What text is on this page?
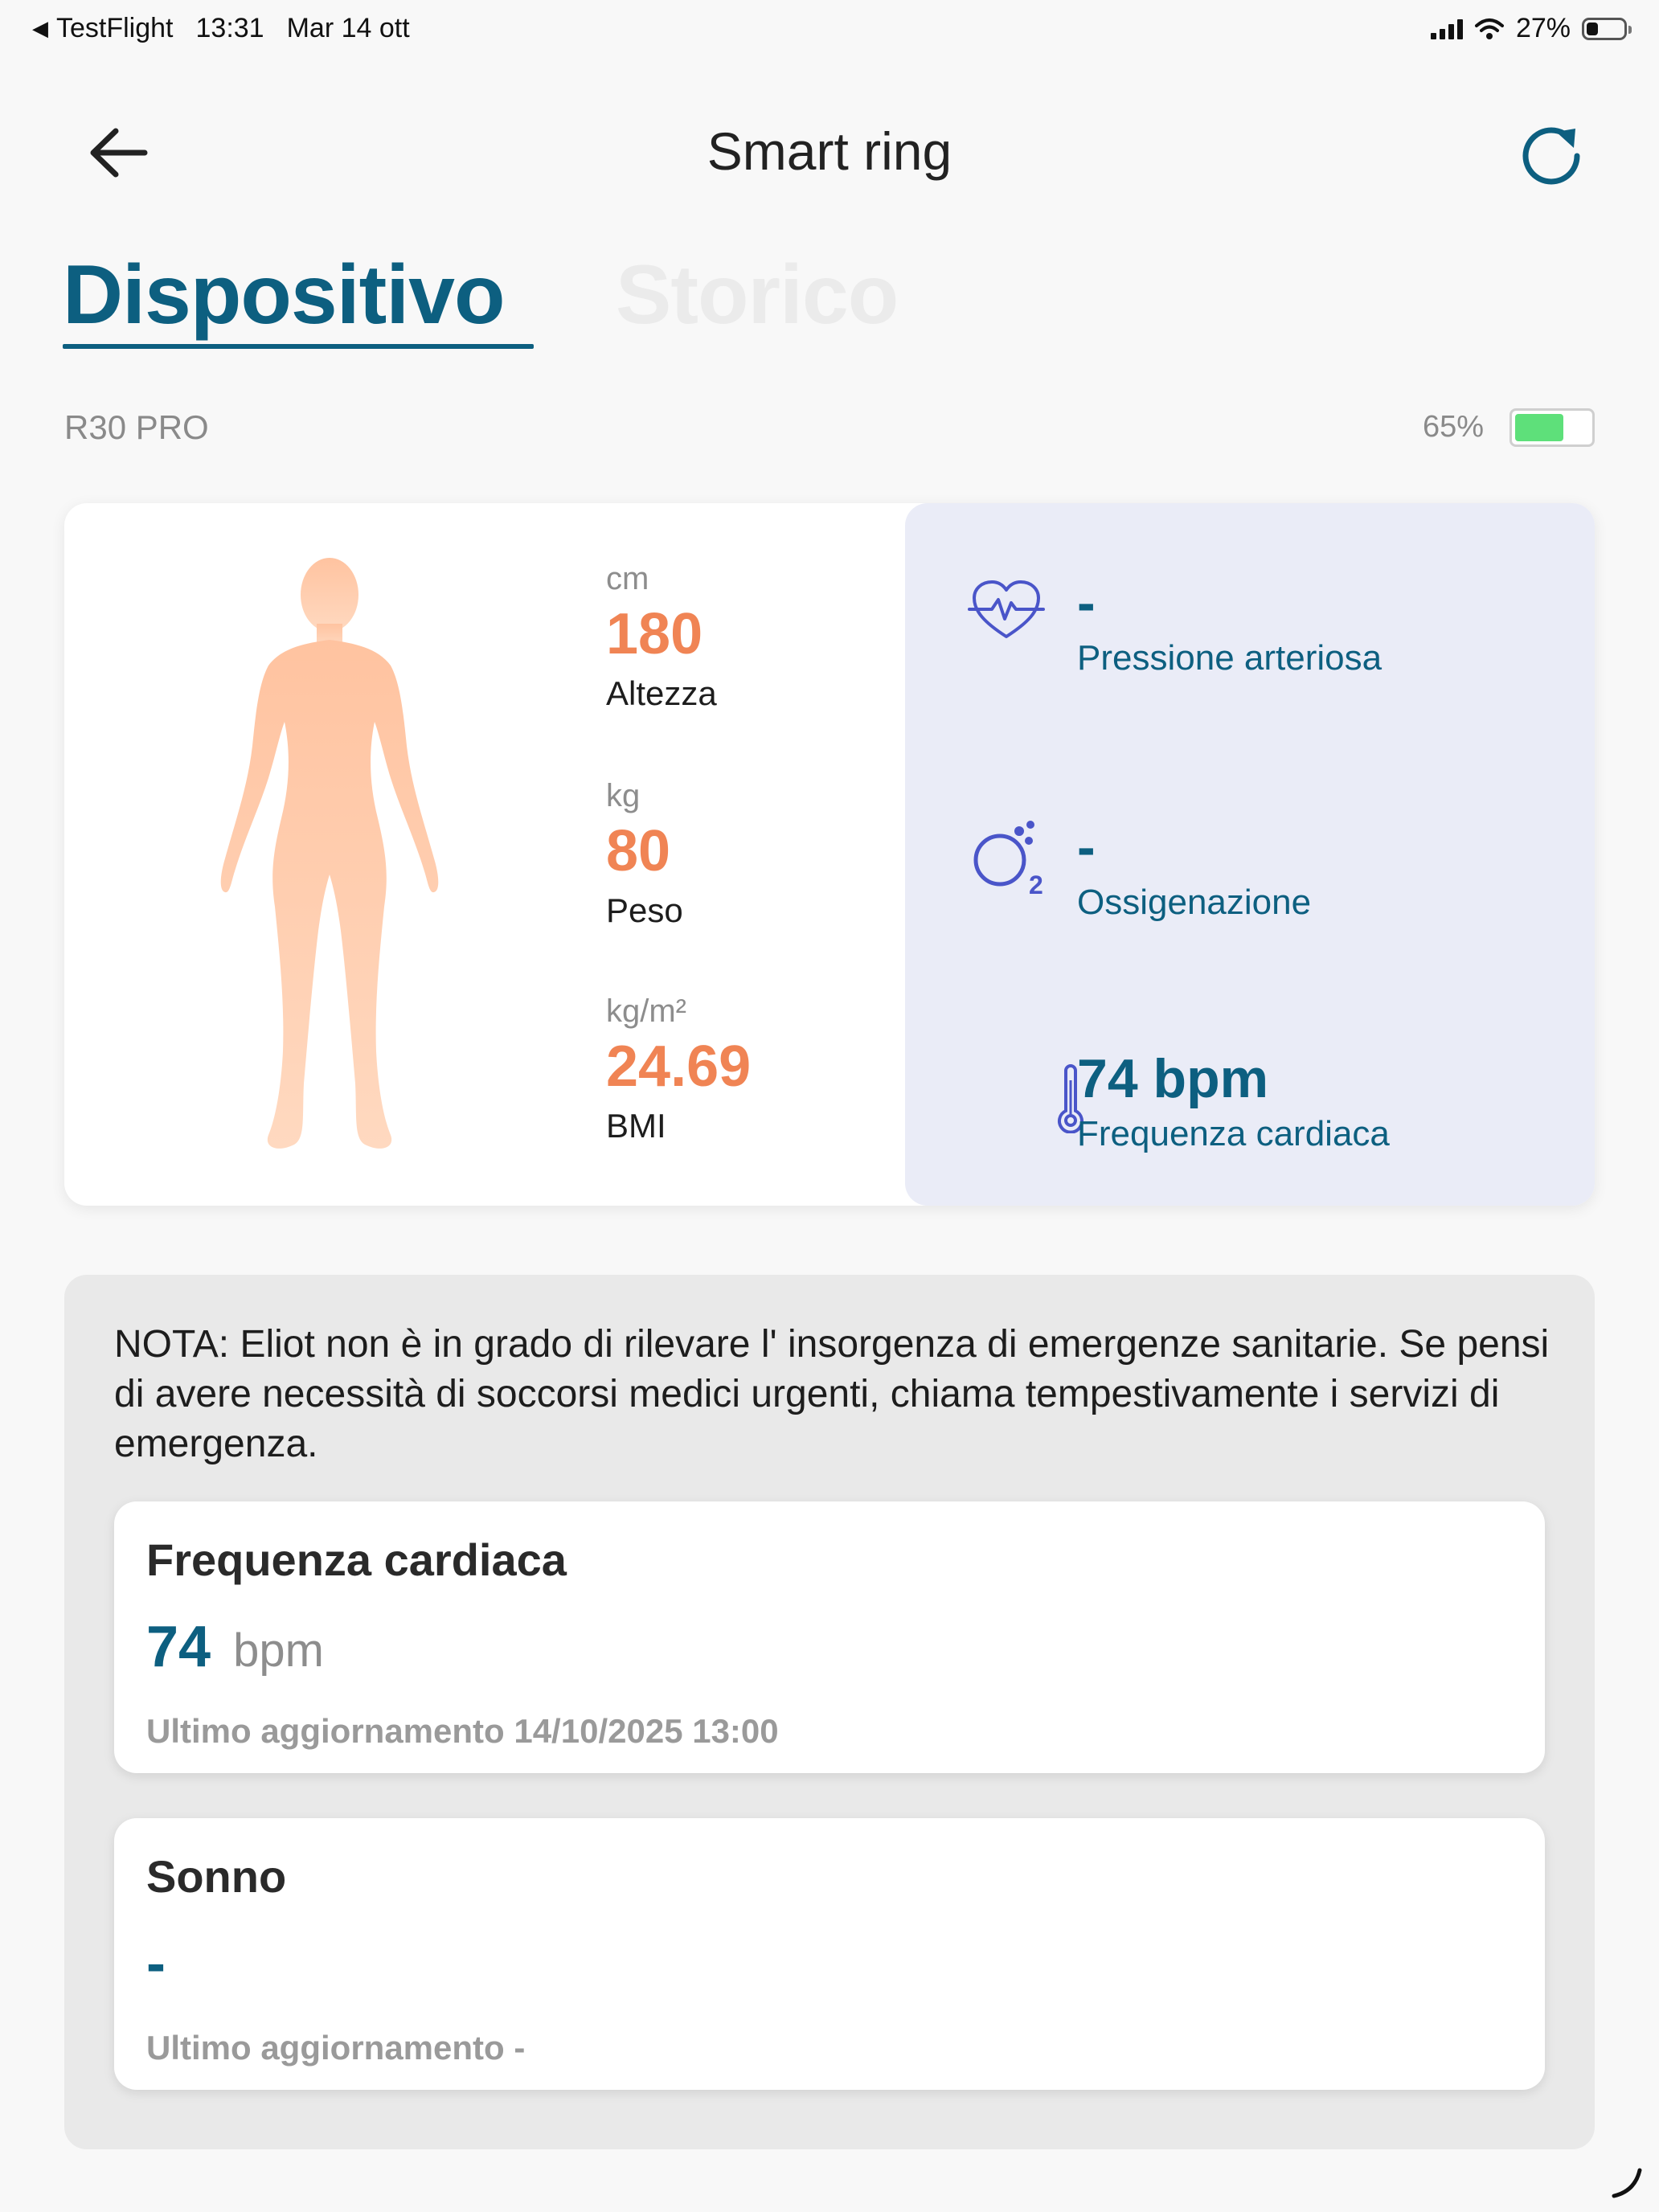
◀ TestFlight 13:31 Mar 14 ott	27%
Smart ring
Dispositivo Storico
R30 PRO	65%
cm
180
Altezza
kg
80
Peso
kg/m²
24.69
BMI
2
-
Pressione arteriosa
-
Ossigenazione
74 bpm
Frequenza cardiaca
NOTA: Eliot non è in grado di rilevare l' insorgenza di emergenze sanitarie. Se pensi di avere necessità di soccorsi medici urgenti, chiama tempestivamente i servizi di emergenza.
Frequenza cardiaca
74 bpm
Ultimo aggiornamento 14/10/2025 13:00
Sonno
-
Ultimo aggiornamento -
